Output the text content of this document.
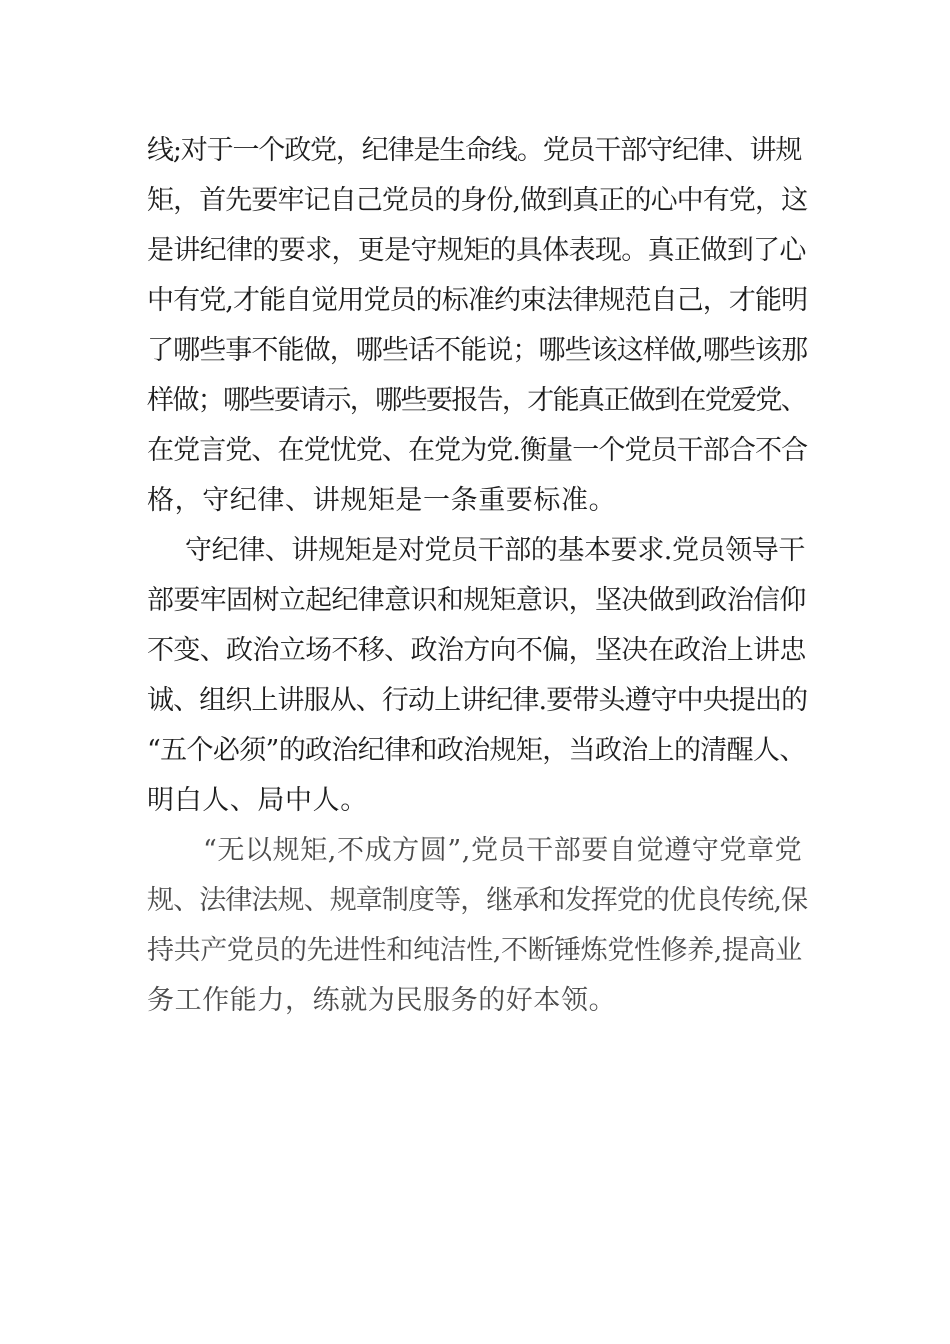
线;对于一个政党，纪律是生命线。党员干部守纪律、讲规
矩，首先要牢记自己党员的身份,做到真正的心中有党，这
是讲纪律的要求，更是守规矩的具体表现。真正做到了心
中有党,才能自觉用党员的标准约束法律规范自己，才能明
了哪些事不能做，哪些话不能说；哪些该这样做,哪些该那
样做；哪些要请示，哪些要报告，才能真正做到在党爱党、
在党言党、在党忧党、在党为党.衡量一个党员干部合不合
格，守纪律、讲规矩是一条重要标准。
守纪律、讲规矩是对党员干部的基本要求.党员领导干
部要牢固树立起纪律意识和规矩意识，坚决做到政治信仰
不变、政治立场不移、政治方向不偏，坚决在政治上讲忠
诚、组织上讲服从、行动上讲纪律.要带头遵守中央提出的
“五个必须”的政治纪律和政治规矩，当政治上的清醒人、
明白人、局中人。
“无以规矩,不成方圆”,党员干部要自觉遵守党章党
规、法律法规、规章制度等，继承和发挥党的优良传统,保
持共产党员的先进性和纯洁性,不断锤炼党性修养,提高业
务工作能力，练就为民服务的好本领。
